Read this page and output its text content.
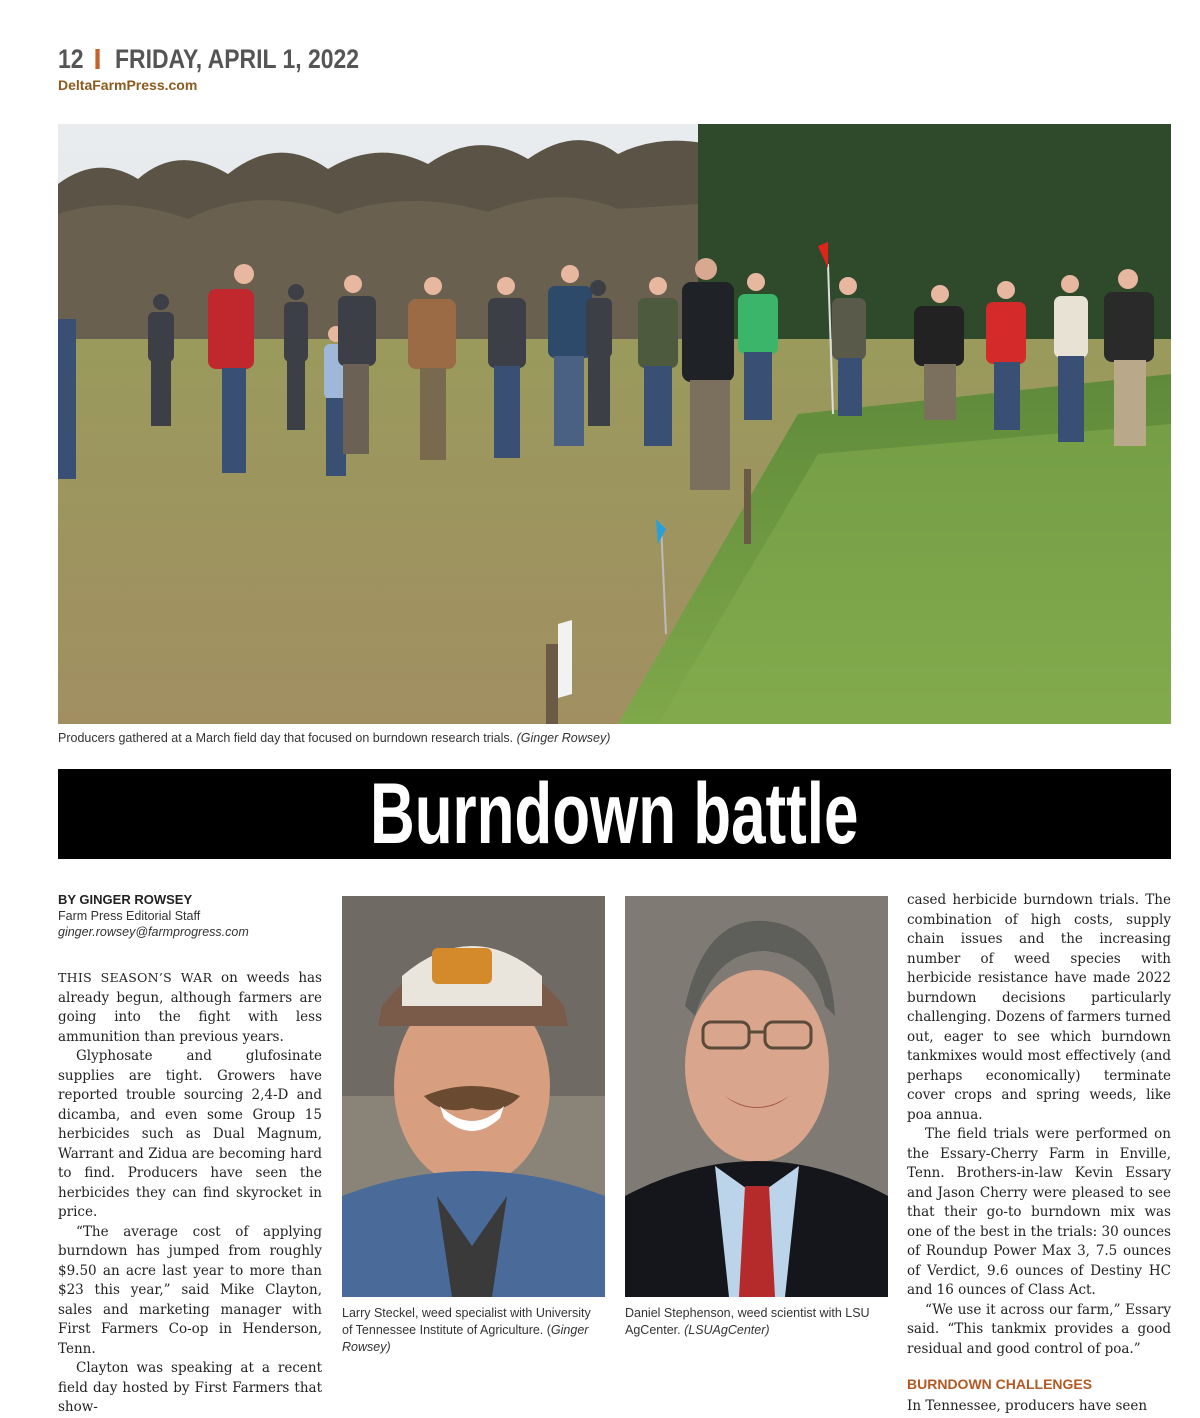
12 FRIDAY, APRIL 1, 2022
DeltaFarmPress.com
Producers gathered at a March field day that focused on burndown research trials. (Ginger Rowsey)
Burndown battle
BY GINGER ROWSEY
Farm Press Editorial Staff
ginger.rowsey@farmprogress.com

THIS SEASON’S WAR on weeds has already begun, although farmers are going into the fight with less ammunition than previous years.

Glyphosate and glufosinate supplies are tight. Growers have reported trouble sourcing 2,4-D and dicamba, and even some Group 15 herbicides such as Dual Magnum, Warrant and Zidua are becoming hard to find. Producers have seen the herbicides they can find skyrocket in price.

“The average cost of applying burndown has jumped from roughly $9.50 an acre last year to more than $23 this year,” said Mike Clayton, sales and marketing manager with First Farmers Co-op in Henderson, Tenn.

Clayton was speaking at a recent field day hosted by First Farmers that show-

Larry Steckel, weed specialist with University of Tennessee Institute of Agriculture. (Ginger Rowsey)
Daniel Stephenson, weed scientist with LSU AgCenter. (LSUAgCenter)

cased herbicide burndown trials. The combination of high costs, supply chain issues and the increasing number of weed species with herbicide resistance have made 2022 burndown decisions particularly challenging. Dozens of farmers turned out, eager to see which burndown tankmixes would most effectively (and perhaps economically) terminate cover crops and spring weeds, like poa annua.

The field trials were performed on the Essary-Cherry Farm in Enville, Tenn. Brothers-in-law Kevin Essary and Jason Cherry were pleased to see that their go-to burndown mix was one of the best in the trials: 30 ounces of Roundup Power Max 3, 7.5 ounces of Verdict, 9.6 ounces of Destiny HC and 16 ounces of Class Act.

“We use it across our farm,” Essary said. “This tankmix provides a good residual and good control of poa.”

BURNDOWN CHALLENGES

In Tennessee, producers have seen
